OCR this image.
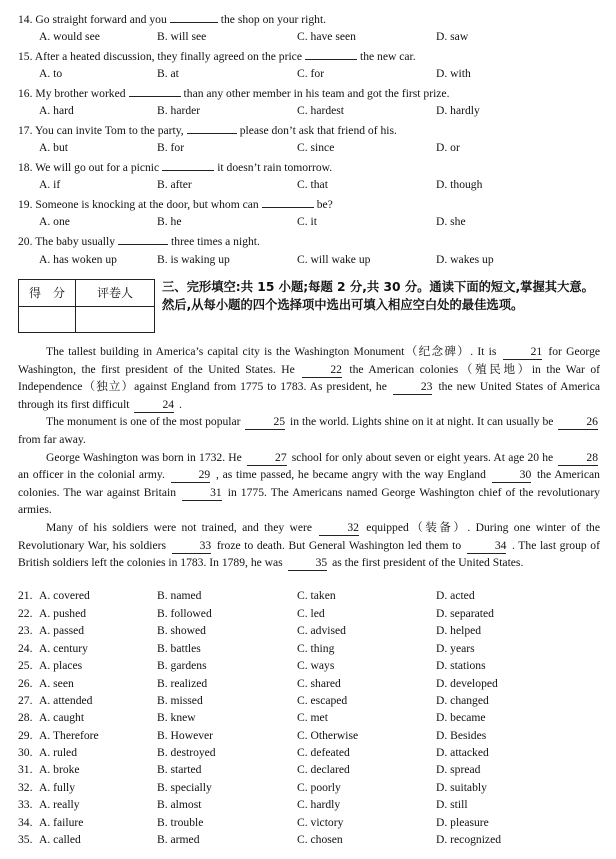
14. Go straight forward and you	the shop on your right.
A. would see	B. will see	C. have seen	D. saw
15. After a heated discussion, they finally agreed on the price	the new car.
A. to	B. at	C. for	D. with
16. My brother worked	than any other member in his team and got the first prize.
A. hard	B. harder	C. hardest	D. hardly
17. You can invite Tom to the party,	please don’t ask that friend of his.
A. but	B. for	C. since	D. or
18. We will go out for a picnic	it doesn’t rain tomorrow.
A. if	B. after	C. that	D. though
19. Someone is knocking at the door, but whom can	be?
A. one	B. he	C. it	D. she
20. The baby usually	three times a night.
A. has woken up	B. is waking up	C. will wake up	D. wakes up
得　分	评卷人	三、完形填空:共 15 小题;每题 2 分,共 30 分。通读下面的短文,掌握其大意。然后,从每小题的四个选择项中选出可填入相应空白处的最佳选项。

The tallest building in America’s capital city is the Washington Monument（纪念碑）. It is	21 for George Washington, the first president of the United States. He	22 the American colonies（殖民地）in the War of Independence（独立）against England from 1775 to 1783. As president, he	23 the new United States of America through its first difficult	24 .

The monument is one of the most popular	25 in the world. Lights shine on it at night. It can usually be	26 from far away.

George Washington was born in 1732. He	27 school for only about seven or eight years. At age 20 he	28 an officer in the colonial army.	29 , as time passed, he became angry with the way England	30 the American colonies. The war against Britain	31 in 1775. The Americans named George Washington chief of the revolutionary armies.

Many of his soldiers were not trained, and they were	32 equipped（装备）. During one winter of the Revolutionary War, his soldiers	33 froze to death. But General Washington led them to	34 . The last group of British soldiers left the colonies in 1783. In 1789, he was	35 as the first president of the United States.

21. A. covered	B. named	C. taken	D. acted
22. A. pushed	B. followed	C. led	D. separated
23. A. passed	B. showed	C. advised	D. helped
24. A. century	B. battles	C. thing	D. years
25. A. places	B. gardens	C. ways	D. stations
26. A. seen	B. realized	C. shared	D. developed
27. A. attended	B. missed	C. escaped	D. changed
28. A. caught	B. knew	C. met	D. became
29. A. Therefore	B. However	C. Otherwise	D. Besides
30. A. ruled	B. destroyed	C. defeated	D. attacked
31. A. broke	B. started	C. declared	D. spread
32. A. fully	B. specially	C. poorly	D. suitably
33. A. really	B. almost	C. hardly	D. still
34. A. failure	B. trouble	C. victory	D. pleasure
35. A. called	B. armed	C. chosen	D. recognized
